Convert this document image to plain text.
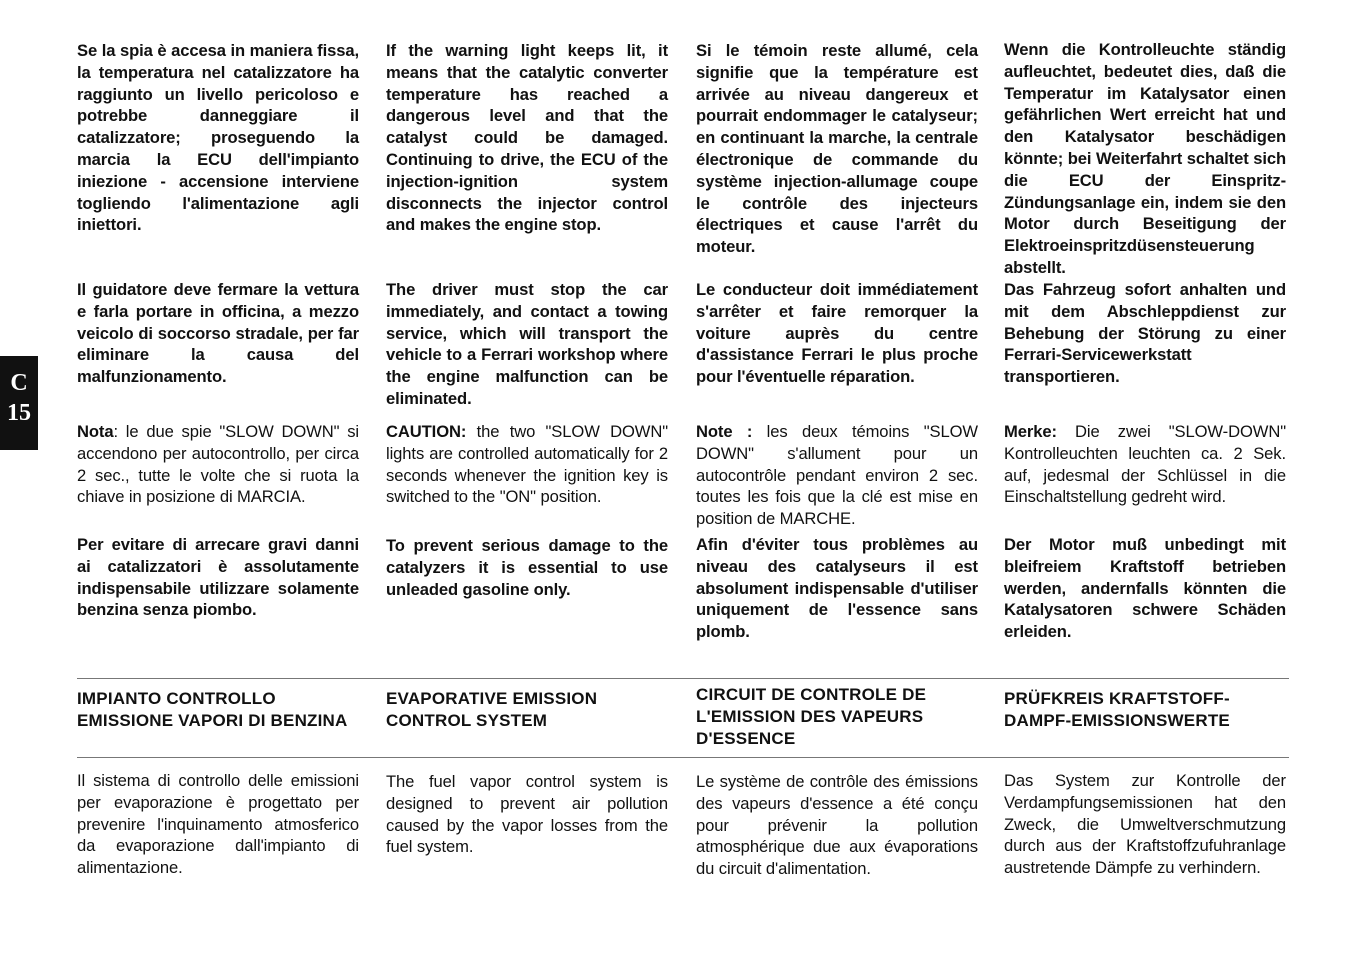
C
15

Se la spia è accesa in maniera fissa, la temperatura nel catalizzatore ha raggiunto un livello pericoloso e potrebbe danneggiare il catalizzatore; proseguendo la marcia la ECU dell'impianto iniezione - accensione interviene togliendo l'alimentazione agli iniettori.

Il guidatore deve fermare la vettura e farla portare in officina, a mezzo veicolo di soccorso stradale, per far eliminare la causa del malfunzionamento.

Nota: le due spie "SLOW DOWN" si accendono per autocontrollo, per circa 2 sec., tutte le volte che si ruota la chiave in posizione di MARCIA.

Per evitare di arrecare gravi danni ai catalizzatori è assolutamente indispensabile utilizzare solamente benzina senza piombo.

IMPIANTO CONTROLLO EMISSIONE VAPORI DI BENZINA

Il sistema di controllo delle emissioni per evaporazione è progettato per prevenire l'inquinamento atmosferico da evaporazione dall'impianto di alimentazione.

If the warning light keeps lit, it means that the catalytic converter temperature has reached a dangerous level and that the catalyst could be damaged. Continuing to drive, the ECU of the injection-ignition system disconnects the injector control and makes the engine stop.

The driver must stop the car immediately, and contact a towing service, which will transport the vehicle to a Ferrari workshop where the engine malfunction can be eliminated.

CAUTION: the two "SLOW DOWN" lights are controlled automatically for 2 seconds whenever the ignition key is switched to the "ON" position.

To prevent serious damage to the catalyzers it is essential to use unleaded gasoline only.

EVAPORATIVE EMISSION CONTROL SYSTEM

The fuel vapor control system is designed to prevent air pollution caused by the vapor losses from the fuel system.

Si le témoin reste allumé, cela signifie que la température est arrivée au niveau dangereux et pourrait endommager le catalyseur; en continuant la marche, la centrale électronique de commande du système injection-allumage coupe le contrôle des injecteurs électriques et cause l'arrêt du moteur.

Le conducteur doit immédiatement s'arrêter et faire remorquer la voiture auprès du centre d'assistance Ferrari le plus proche pour l'éventuelle réparation.

Note : les deux témoins "SLOW DOWN" s'allument pour un autocontrôle pendant environ 2 sec. toutes les fois que la clé est mise en position de MARCHE.

Afin d'éviter tous problèmes au niveau des catalyseurs il est absolument indispensable d'utiliser uniquement de l'essence sans plomb.

CIRCUIT DE CONTROLE DE L'EMISSION DES VAPEURS D'ESSENCE

Le système de contrôle des émissions des vapeurs d'essence a été conçu pour prévenir la pollution atmosphérique due aux évaporations du circuit d'alimentation.

Wenn die Kontrolleuchte ständig aufleuchtet, bedeutet dies, daß die Temperatur im Katalysator einen gefährlichen Wert erreicht hat und den Katalysator beschädigen könnte; bei Weiterfahrt schaltet sich die ECU der Einspritz-Zündungsanlage ein, indem sie den Motor durch Beseitigung der Elektroeinspritzdüsensteuerung abstellt.

Das Fahrzeug sofort anhalten und mit dem Abschleppdienst zur Behebung der Störung zu einer Ferrari-Servicewerkstatt transportieren.

Merke: Die zwei "SLOW-DOWN" Kontrolleuchten leuchten ca. 2 Sek. auf, jedesmal der Schlüssel in die Einschaltstellung gedreht wird.

Der Motor muß unbedingt mit bleifreiem Kraftstoff betrieben werden, andernfalls könnten die Katalysatoren schwere Schäden erleiden.

PRÜFKREIS KRAFTSTOFF-DAMPF-EMISSIONSWERTE

Das System zur Kontrolle der Verdampfungsemissionen hat den Zweck, die Umweltverschmutzung durch aus der Kraftstoffzufuhranlage austretende Dämpfe zu verhindern.
